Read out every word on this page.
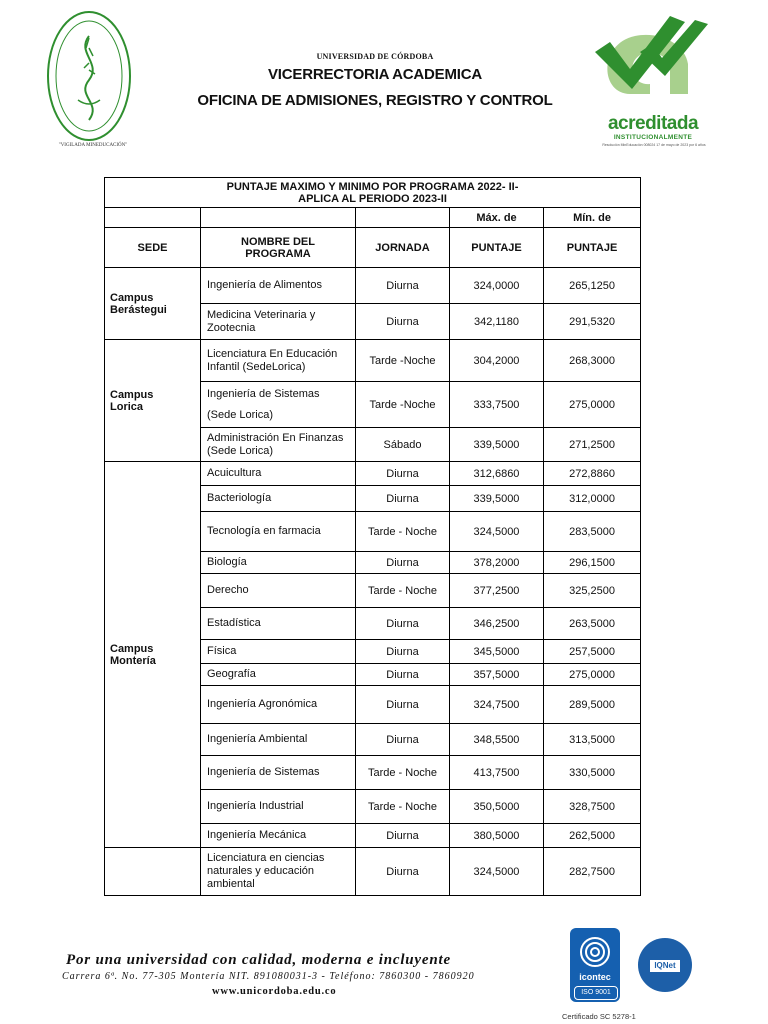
"VIGILADA MINEDUCACIÓN"
UNIVERSIDAD DE CÓRDOBA
VICERRECTORIA ACADEMICA
OFICINA DE ADMISIONES, REGISTRO Y CONTROL
acreditada
INSTITUCIONALMENTE
Resolución MinEducación 008024 17 de mayo de 2023 por 6 años
PUNTAJE MAXIMO Y MINIMO POR PROGRAMA 2022- II-
APLICA AL PERIODO 2023-II				

			Máx. de	Mín. de
SEDE	NOMBRE DEL PROGRAMA	JORNADA	PUNTAJE	PUNTAJE

Campus
Berástegui	Ingeniería de Alimentos	Diurna	324,0000	265,1250
	Medicina Veterinaria y Zootecnia	Diurna	342,1180	291,5320

Campus
Lorica	Licenciatura En Educación Infantil (SedeLorica)	Tarde -Noche	304,2000	268,3000

	Ingeniería de Sistemas
(Sede Lorica)	Tarde -Noche	333,7500	275,0000
	Administración En Finanzas (Sede Lorica)	Sábado	339,5000	271,2500

Campus
Montería	Acuicultura	Diurna	312,6860	272,8860
	Bacteriología	Diurna	339,5000	312,0000
	Tecnología en farmacia	Tarde - Noche	324,5000	283,5000
	Biología	Diurna	378,2000	296,1500
	Derecho	Tarde - Noche	377,2500	325,2500
	Estadística	Diurna	346,2500	263,5000
	Física	Diurna	345,5000	257,5000
	Geografía	Diurna	357,5000	275,0000
	Ingeniería Agronómica	Diurna	324,7500	289,5000
	Ingeniería Ambiental	Diurna	348,5500	313,5000
	Ingeniería de Sistemas	Tarde - Noche	413,7500	330,5000
	Ingeniería Industrial	Tarde - Noche	350,5000	328,7500
	Ingeniería Mecánica	Diurna	380,5000	262,5000
	Licenciatura en ciencias naturales y educación ambiental	Diurna	324,5000	282,7500
Por una universidad con calidad, moderna e incluyente
Carrera 6ª. No. 77-305 Montería NIT. 891080031-3 - Teléfono: 7860300 - 7860920
www.unicordoba.edu.co
icontec
ISO 9001
IQNet
Certificado SC 5278-1
